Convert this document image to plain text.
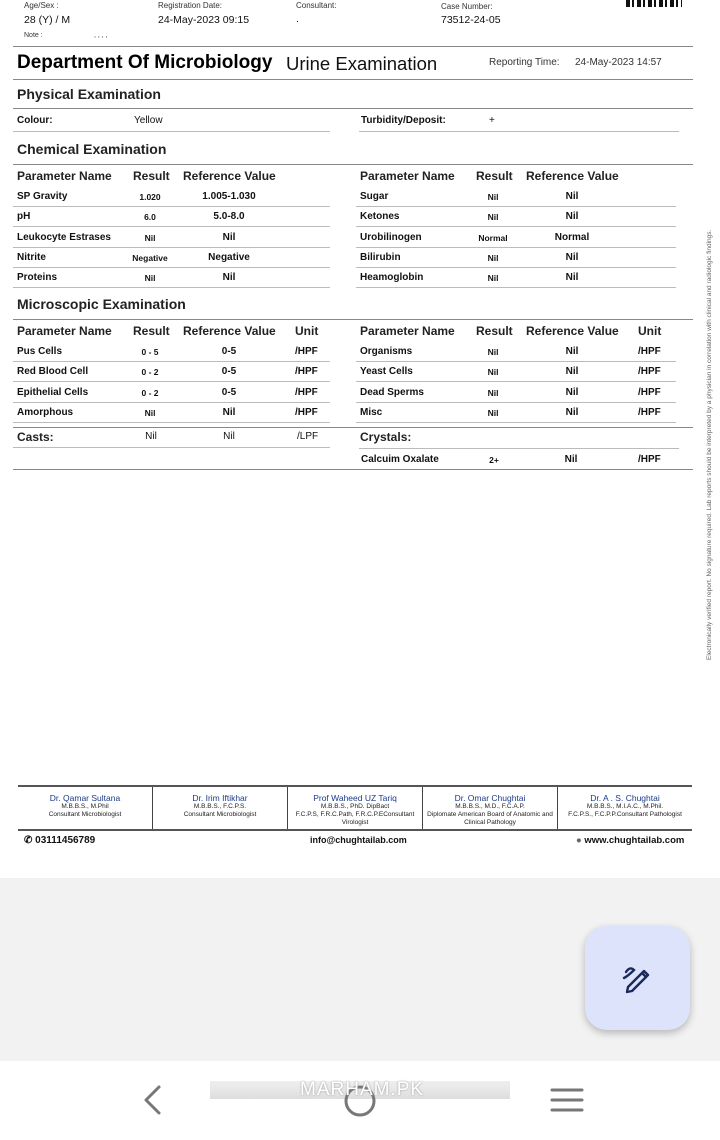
Age/Sex :
28 (Y) / M
Note :	, , , ,
Registration Date:
24-May-2023 09:15
Consultant:
.
Case Number:
73512-24-05
Department Of Microbiology Urine Examination	Reporting Time: 24-May-2023 14:57
Physical Examination
Colour:	Yellow	Turbidity/Deposit:	+
Chemical Examination
Parameter Name Result Reference Value	Parameter Name Result Reference Value
SP Gravity	1.020	1.005-1.030
pH	6.0	5.0-8.0
Leukocyte Estrases	Nil	Nil
Nitrite	Negative	Negative
Proteins	Nil	Nil
Sugar	Nil	Nil
Ketones	Nil	Nil
Urobilinogen	Normal	Normal
Bilirubin	Nil	Nil
Heamoglobin	Nil	Nil
Microscopic Examination
Parameter Name Result Reference Value Unit	Parameter Name Result Reference Value Unit
Pus Cells	0 - 5	0-5	/HPF
Red Blood Cell	0 - 2	0-5	/HPF
Epithelial Cells	0 - 2	0-5	/HPF
Amorphous	Nil	Nil	/HPF
Organisms	Nil	Nil	/HPF
Yeast Cells	Nil	Nil	/HPF
Dead Sperms	Nil	Nil	/HPF
Misc	Nil	Nil	/HPF
Casts:	Nil	Nil	/LPF	Crystals:
Calcuim Oxalate	2+	Nil	/HPF	Electronically verified report. No signature required. Lab reports should be interpreted by a physician in correlation with clinical and radiologic findings.
Dr. Qamar Sultana
M.B.B.S., M.Phil
Consultant Microbiologist
Dr. Irim Iftikhar
M.B.B.S., F.C.P.S.
Consultant Microbiologist
Prof Waheed UZ Tariq
M.B.B.S., PhD. DipBact
F.C.P.S, F.R.C.Path, F.R.C.P.EConsultant Virologist
Dr. Omar Chughtai
M.B.B.S., M.D., F.C.A.P.
Diplomate American Board of Anatomic and Clinical Pathology
Dr. A . S. Chughtai
M.B.B.S., M.I.A.C., M.Phil.
F.C.P.S., F.C.P.P.Consultant Pathologist
✆ 03111456789	info@chughtailab.com	● www.chughtailab.com
MARHAM.PK
